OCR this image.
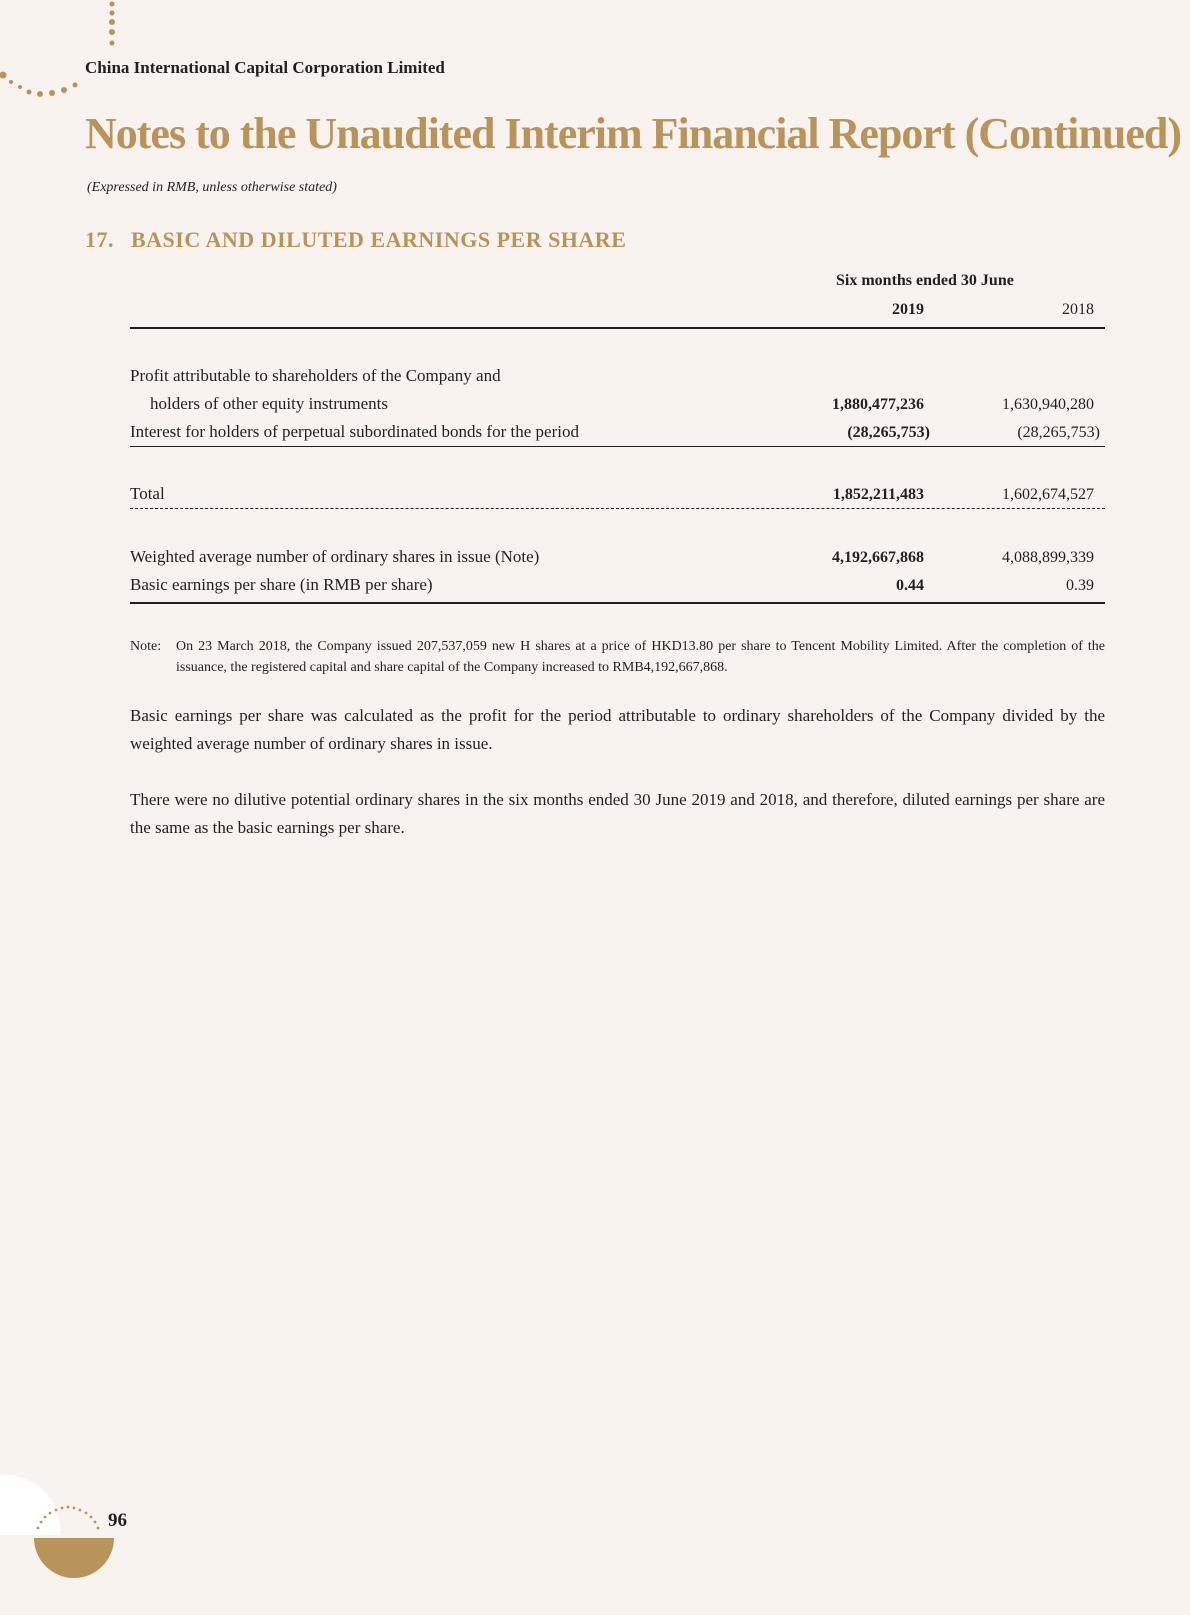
China International Capital Corporation Limited
Notes to the Unaudited Interim Financial Report (Continued)
(Expressed in RMB, unless otherwise stated)
17. BASIC AND DILUTED EARNINGS PER SHARE
Six months ended 30 June
2019	2018
Profit attributable to shareholders of the Company and
holders of other equity instruments	1,880,477,236	1,630,940,280
Interest for holders of perpetual subordinated bonds for the period	(28,265,753)	(28,265,753)
Total	1,852,211,483	1,602,674,527
Weighted average number of ordinary shares in issue (Note)	4,192,667,868	4,088,899,339
Basic earnings per share (in RMB per share)	0.44	0.39
Note: On 23 March 2018, the Company issued 207,537,059 new H shares at a price of HKD13.80 per share to Tencent Mobility Limited. After the completion of the issuance, the registered capital and share capital of the Company increased to RMB4,192,667,868.
Basic earnings per share was calculated as the profit for the period attributable to ordinary shareholders of the Company divided by the weighted average number of ordinary shares in issue.
There were no dilutive potential ordinary shares in the six months ended 30 June 2019 and 2018, and therefore, diluted earnings per share are the same as the basic earnings per share.
96
